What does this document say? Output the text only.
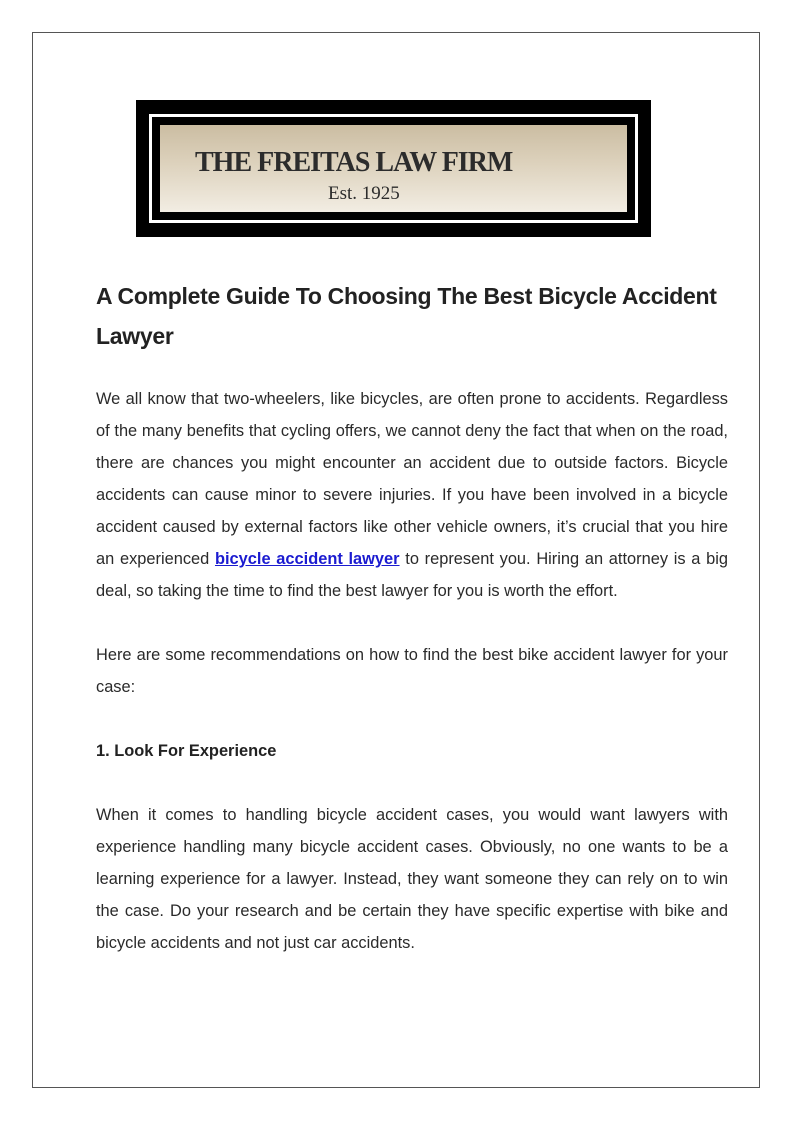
THE FREITAS LAW FIRM
Est. 1925
A Complete Guide To Choosing The Best Bicycle Accident Lawyer

We all know that two-wheelers, like bicycles, are often prone to accidents. Regardless of the many benefits that cycling offers, we cannot deny the fact that when on the road, there are chances you might encounter an accident due to outside factors. Bicycle accidents can cause minor to severe injuries. If you have been involved in a bicycle accident caused by external factors like other vehicle owners, it’s crucial that you hire an experienced bicycle accident lawyer to represent you. Hiring an attorney is a big deal, so taking the time to find the best lawyer for you is worth the effort.

Here are some recommendations on how to find the best bike accident lawyer for your case:

1. Look For Experience

When it comes to handling bicycle accident cases, you would want lawyers with experience handling many bicycle accident cases. Obviously, no one wants to be a learning experience for a lawyer. Instead, they want someone they can rely on to win the case. Do your research and be certain they have specific expertise with bike and bicycle accidents and not just car accidents.
